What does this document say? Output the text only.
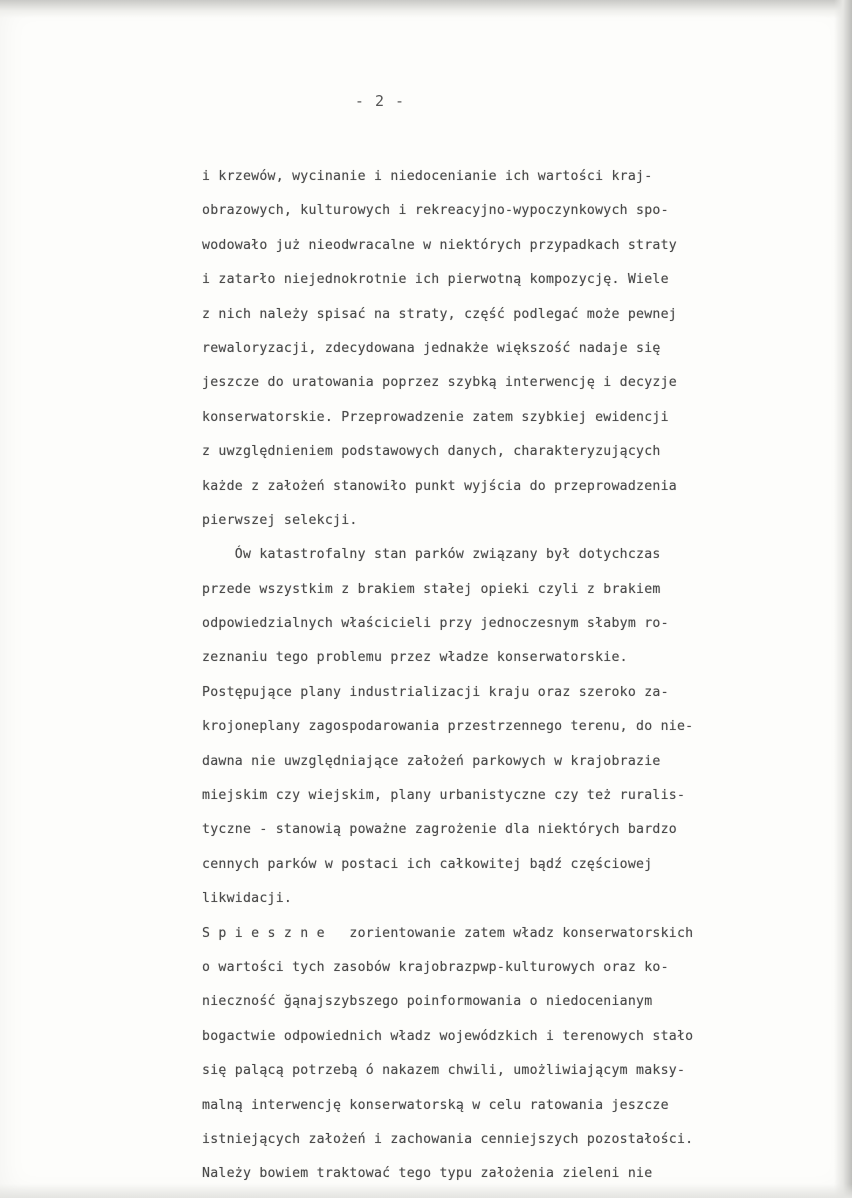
- 2 -
i krzewów, wycinanie i niedocenianie ich wartości kraj-
obrazowych, kulturowych i rekreacyjno-wypoczynkowych spo-
wodowało już nieodwracalne w niektórych przypadkach straty
i zatarło niejednokrotnie ich pierwotną kompozycję. Wiele
z nich należy spisać na straty, część podlegać może pewnej
rewaloryzacji, zdecydowana jednakże większość nadaje się
jeszcze do uratowania poprzez szybką interwencję i decyzje
konserwatorskie. Przeprowadzenie zatem szybkiej ewidencji
z uwzględnieniem podstawowych danych, charakteryzujących
każde z założeń stanowiło punkt wyjścia do przeprowadzenia
pierwszej selekcji.
Ów katastrofalny stan parków związany był dotychczas
przede wszystkim z brakiem stałej opieki czyli z brakiem
odpowiedzialnych właścicieli przy jednoczesnym słabym ro-
zeznaniu tego problemu przez władze konserwatorskie.
Postępujące plany industrializacji kraju oraz szeroko za-
krojoneplany zagospodarowania przestrzennego terenu, do nie-
dawna nie uwzględniające założeń parkowych w krajobrazie
miejskim czy wiejskim, plany urbanistyczne czy też ruralis-
tyczne - stanowią poważne zagrożenie dla niektórych bardzo
cennych parków w postaci ich całkowitej bądź częściowej
likwidacji.
S p i e s z n e   zorientowanie zatem władz konserwatorskich
o wartości tych zasobów krajobrazpwp-kulturowych oraz ko-
nieczność ğąnajszybszego poinformowania o niedocenianym
bogactwie odpowiednich władz wojewódzkich i terenowych stało
się palącą potrzebą ó nakazem chwili, umożliwiającym maksy-
malną interwencję konserwatorską w celu ratowania jeszcze
istniejących założeń i zachowania cenniejszych pozostałości.
Należy bowiem traktować tego typu założenia zieleni nie
